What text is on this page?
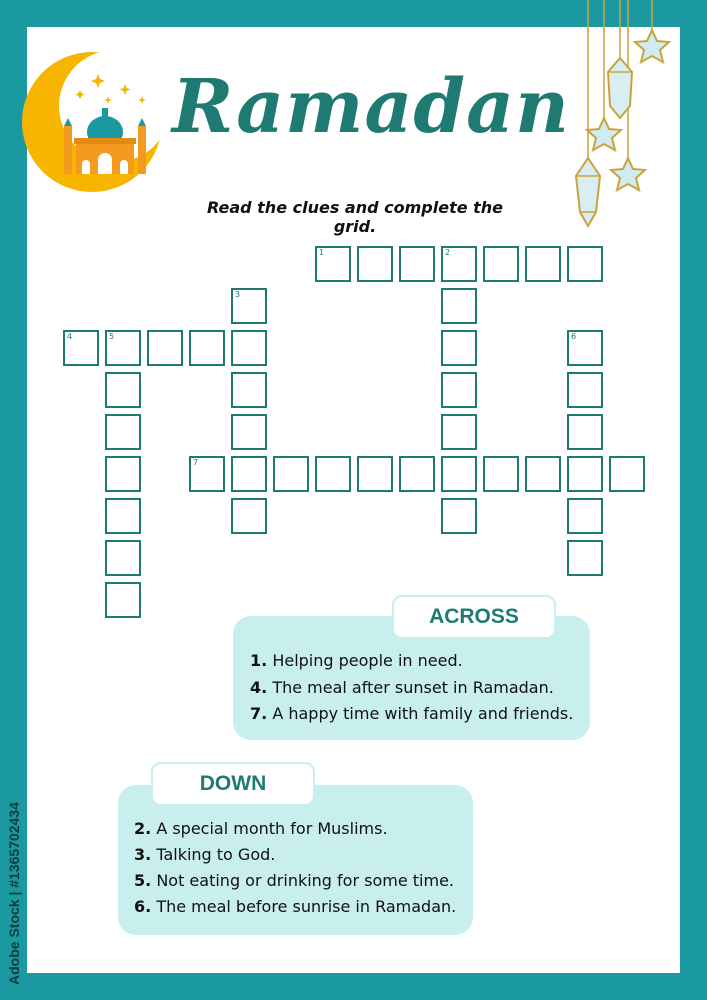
Ramadan
Read the clues and complete the grid.
1	2
3
4	5	6
7
ACROSS
1. Helping people in need.
4. The meal after sunset in Ramadan.
7. A happy time with family and friends.
DOWN
2. A special month for Muslims.
3. Talking to God.
5. Not eating or drinking for some time.
6. The meal before sunrise in Ramadan.
Adobe Stock | #1365702434
